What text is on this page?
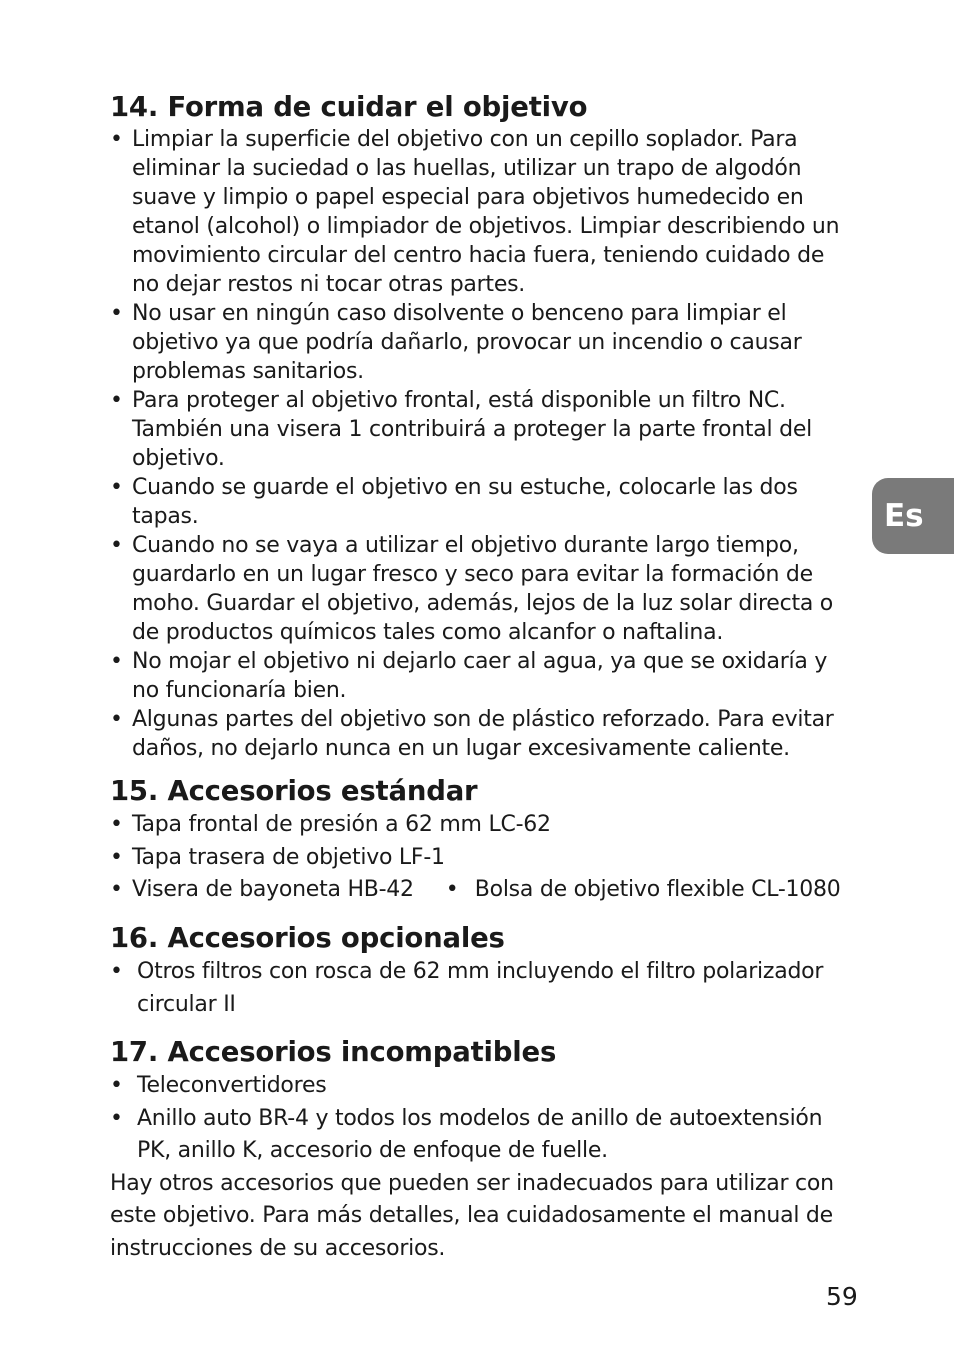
14. Forma de cuidar el objetivo
• Limpiar la superficie del objetivo con un cepillo soplador. Para eliminar la suciedad o las huellas, utilizar un trapo de algodón suave y limpio o papel especial para objetivos humedecido en etanol (alcohol) o limpiador de objetivos. Limpiar describiendo un movimiento circular del centro hacia fuera, teniendo cuidado de no dejar restos ni tocar otras partes.
• No usar en ningún caso disolvente o benceno para limpiar el objetivo ya que podría dañarlo, provocar un incendio o causar problemas sanitarios.
• Para proteger al objetivo frontal, está disponible un filtro NC. También una visera 1 contribuirá a proteger la parte frontal del objetivo.
• Cuando se guarde el objetivo en su estuche, colocarle las dos tapas.
• Cuando no se vaya a utilizar el objetivo durante largo tiempo, guardarlo en un lugar fresco y seco para evitar la formación de moho. Guardar el objetivo, además, lejos de la luz solar directa o de productos químicos tales como alcanfor o naftalina.
• No mojar el objetivo ni dejarlo caer al agua, ya que se oxidaría y no funcionaría bien.
• Algunas partes del objetivo son de plástico reforzado. Para evitar daños, no dejarlo nunca en un lugar excesivamente caliente.
15. Accesorios estándar
• Tapa frontal de presión a 62 mm LC-62
• Tapa trasera de objetivo LF-1
• Visera de bayoneta HB-42
•	Bolsa de objetivo flexible CL-1080
16. Accesorios opcionales
• Otros filtros con rosca de 62 mm incluyendo el filtro polarizador circular II
17. Accesorios incompatibles
• Teleconvertidores
• Anillo auto BR-4 y todos los modelos de anillo de autoextensión PK, anillo K, accesorio de enfoque de fuelle.

Hay otros accesorios que pueden ser inadecuados para utilizar con este objetivo. Para más detalles, lea cuidadosamente el manual de instrucciones de su accesorios.

Es
59
